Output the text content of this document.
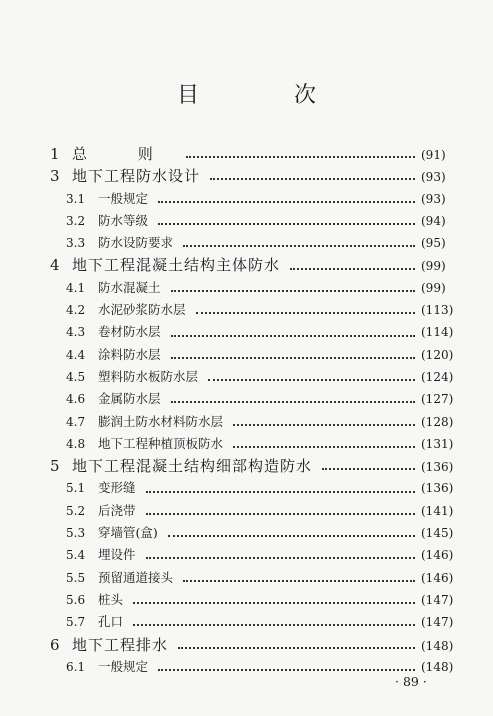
目 次
1 总 则	(91)
3 地下工程防水设计	(93)
3.1	一般规定	(93)
3.2	防水等级	(94)
3.3	防水设防要求	(95)
4 地下工程混凝土结构主体防水	(99)
4.1	防水混凝土	(99)
4.2	水泥砂浆防水层	(113)
4.3	卷材防水层	(114)
4.4	涂料防水层	(120)
4.5	塑料防水板防水层	(124)
4.6	金属防水层	(127)
4.7	膨润土防水材料防水层	(128)
4.8	地下工程种植顶板防水	(131)
5 地下工程混凝土结构细部构造防水	(136)
5.1	变形缝	(136)
5.2	后浇带	(141)
5.3	穿墙管(盒)	(145)
5.4	埋设件	(146)
5.5	预留通道接头	(146)
5.6	桩头	(147)
5.7	孔口	(147)
6 地下工程排水	(148)
6.1	一般规定	(148)
· 89 ·
